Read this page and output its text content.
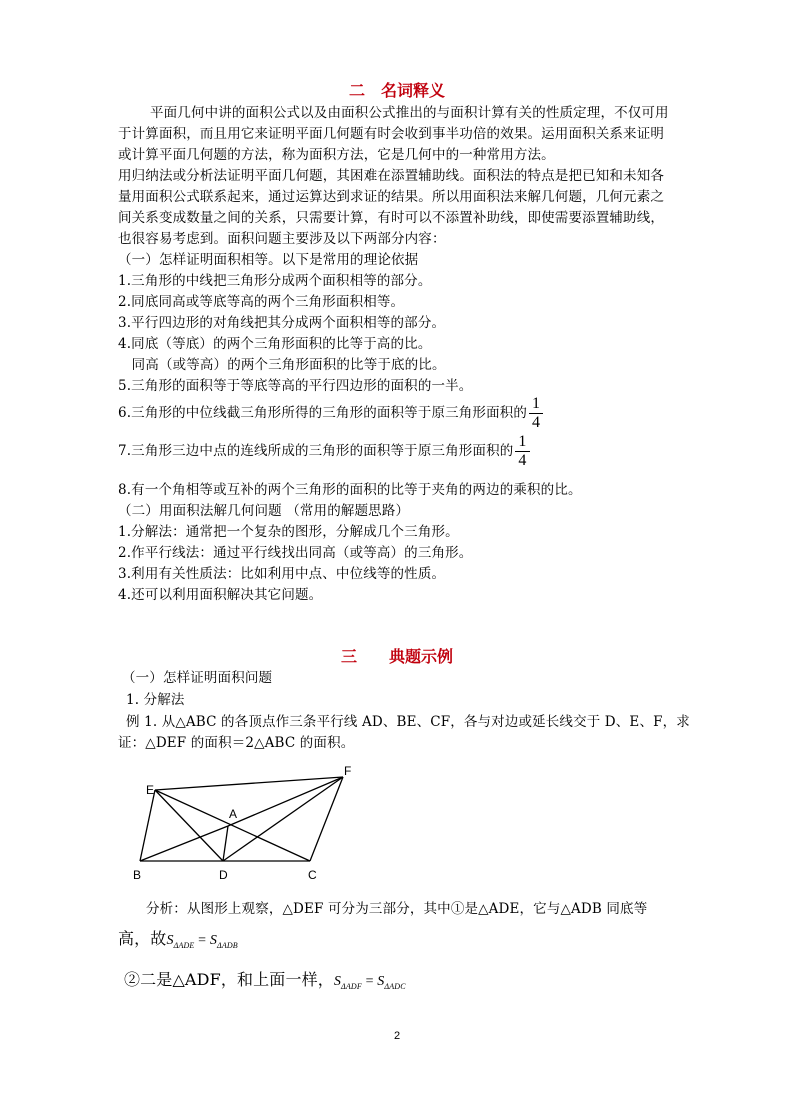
二　名词释义
平面几何中讲的面积公式以及由面积公式推出的与面积计算有关的性质定理，不仅可用
于计算面积，而且用它来证明平面几何题有时会收到事半功倍的效果。运用面积关系来证明
或计算平面几何题的方法，称为面积方法，它是几何中的一种常用方法。
用归纳法或分析法证明平面几何题，其困难在添置辅助线。面积法的特点是把已知和未知各
量用面积公式联系起来，通过运算达到求证的结果。所以用面积法来解几何题，几何元素之
间关系变成数量之间的关系，只需要计算，有时可以不添置补助线，即使需要添置辅助线，
也很容易考虑到。面积问题主要涉及以下两部分内容：
（一）怎样证明面积相等。以下是常用的理论依据
1.三角形的中线把三角形分成两个面积相等的部分。
2.同底同高或等底等高的两个三角形面积相等。
3.平行四边形的对角线把其分成两个面积相等的部分。
4.同底（等底）的两个三角形面积的比等于高的比。
　同高（或等高）的两个三角形面积的比等于底的比。
5.三角形的面积等于等底等高的平行四边形的面积的一半。
6.三角形的中位线截三角形所得的三角形的面积等于原三角形面积的 $\frac{1}{4}$
7.三角形三边中点的连线所成的三角形的面积等于原三角形面积的 $\frac{1}{4}$
8.有一个角相等或互补的两个三角形的面积的比等于夹角的两边的乘积的比。
（二）用面积法解几何问题 （常用的解题思路）
1.分解法：通常把一个复杂的图形，分解成几个三角形。
2.作平行线法：通过平行线找出同高（或等高）的三角形。
3.利用有关性质法：比如利用中点、中位线等的性质。
4.还可以利用面积解决其它问题。
三　　典题示例
（一）怎样证明面积问题
1. 分解法
例 1. 从△ABC 的各顶点作三条平行线 AD、BE、CF，各与对边或延长线交于 D、E、F，求
证：△DEF 的面积＝2△ABC 的面积。
E
F
A
B	D	C
分析：从图形上观察，△DEF 可分为三部分，其中①是△ADE，它与△ADB 同底等
高，故$S_{\Delta ADE} = S_{\Delta ADB}$
②二是△ADF，和上面一样，$S_{\Delta ADF} = S_{\Delta ADC}$
2
